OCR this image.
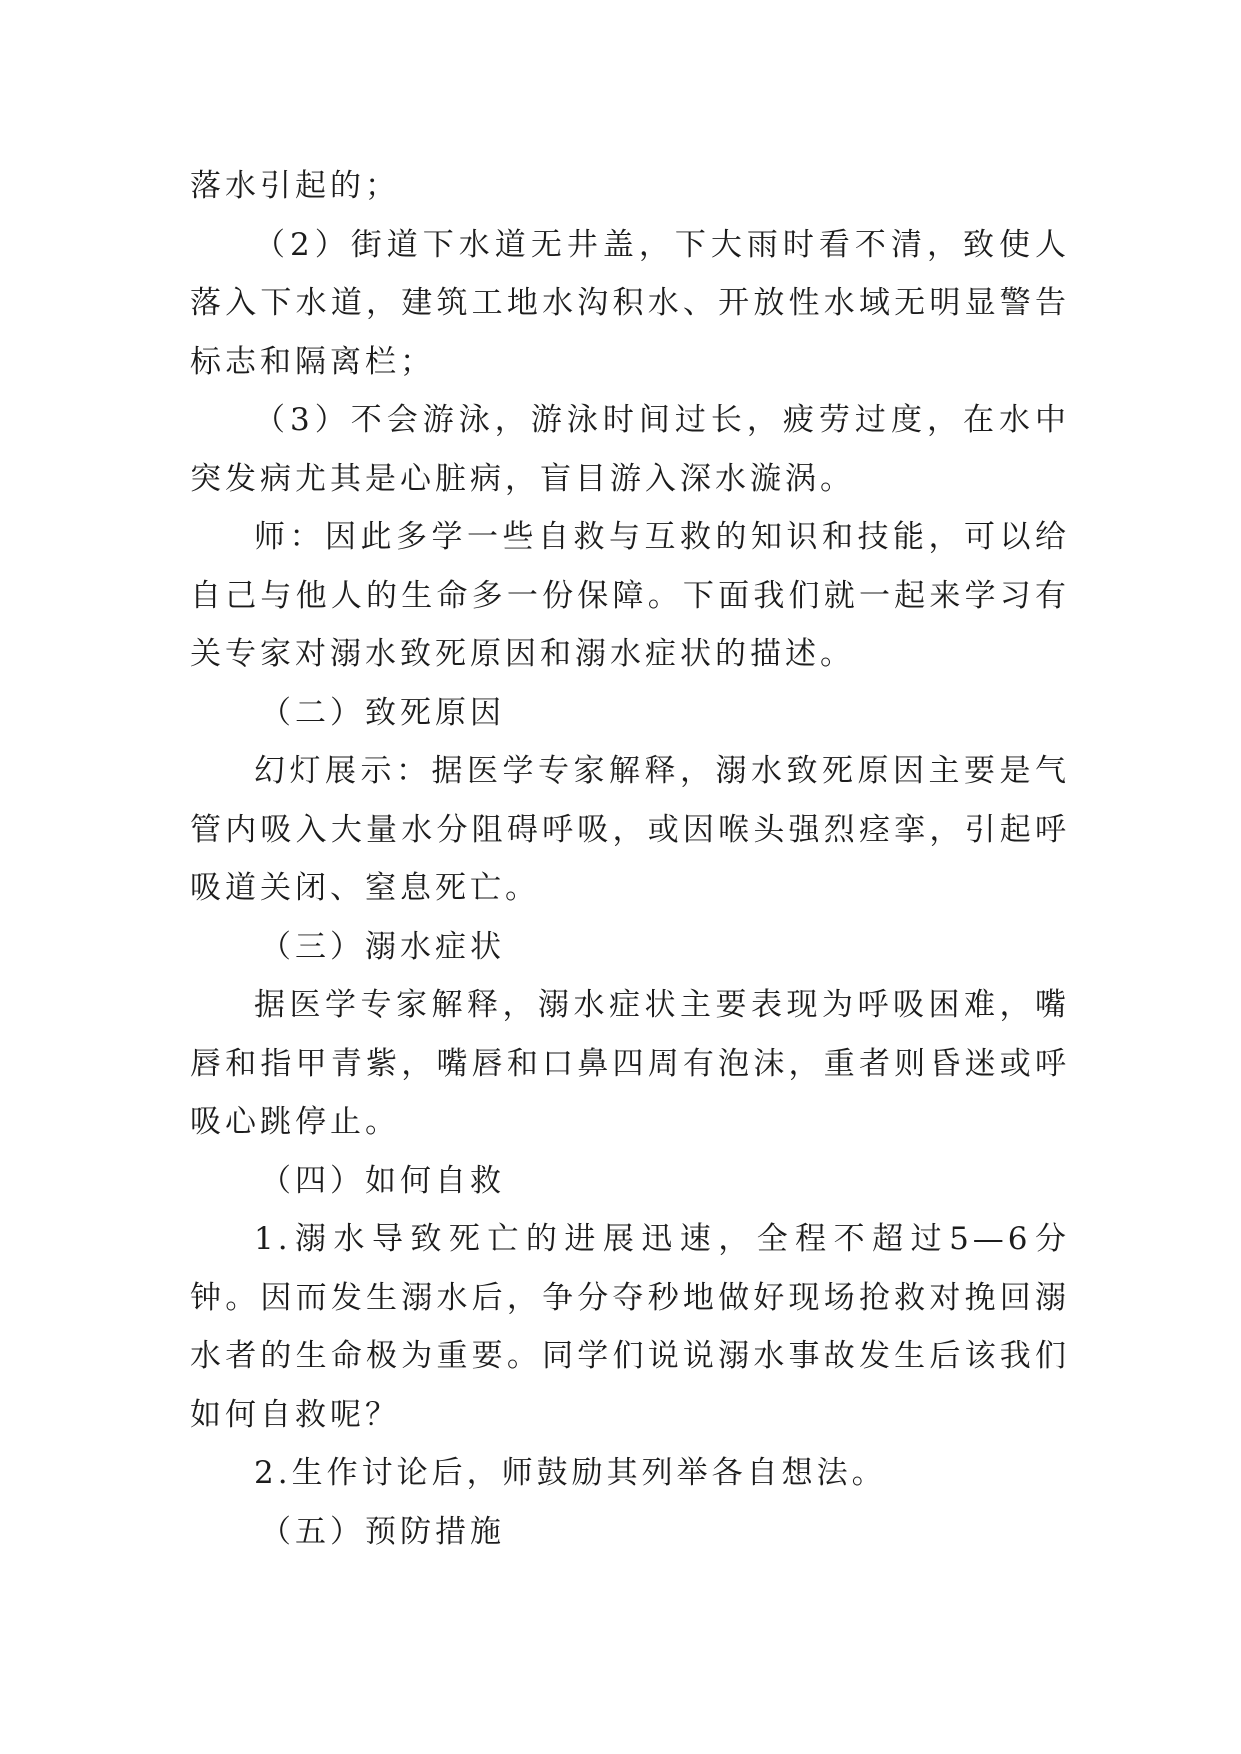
落水引起的；

（2）街道下水道无井盖，下大雨时看不清，致使人落入下水道，建筑工地水沟积水、开放性水域无明显警告标志和隔离栏；

（3）不会游泳，游泳时间过长，疲劳过度，在水中突发病尤其是心脏病，盲目游入深水漩涡。

师：因此多学一些自救与互救的知识和技能，可以给自己与他人的生命多一份保障。下面我们就一起来学习有关专家对溺水致死原因和溺水症状的描述。

（二）致死原因

幻灯展示：据医学专家解释，溺水致死原因主要是气管内吸入大量水分阻碍呼吸，或因喉头强烈痉挛，引起呼吸道关闭、窒息死亡。

（三）溺水症状

据医学专家解释，溺水症状主要表现为呼吸困难，嘴唇和指甲青紫，嘴唇和口鼻四周有泡沫，重者则昏迷或呼吸心跳停止。

（四）如何自救

1.溺水导致死亡的进展迅速，全程不超过5—6分钟。因而发生溺水后，争分夺秒地做好现场抢救对挽回溺水者的生命极为重要。同学们说说溺水事故发生后该我们如何自救呢？

2.生作讨论后，师鼓励其列举各自想法。

（五）预防措施
